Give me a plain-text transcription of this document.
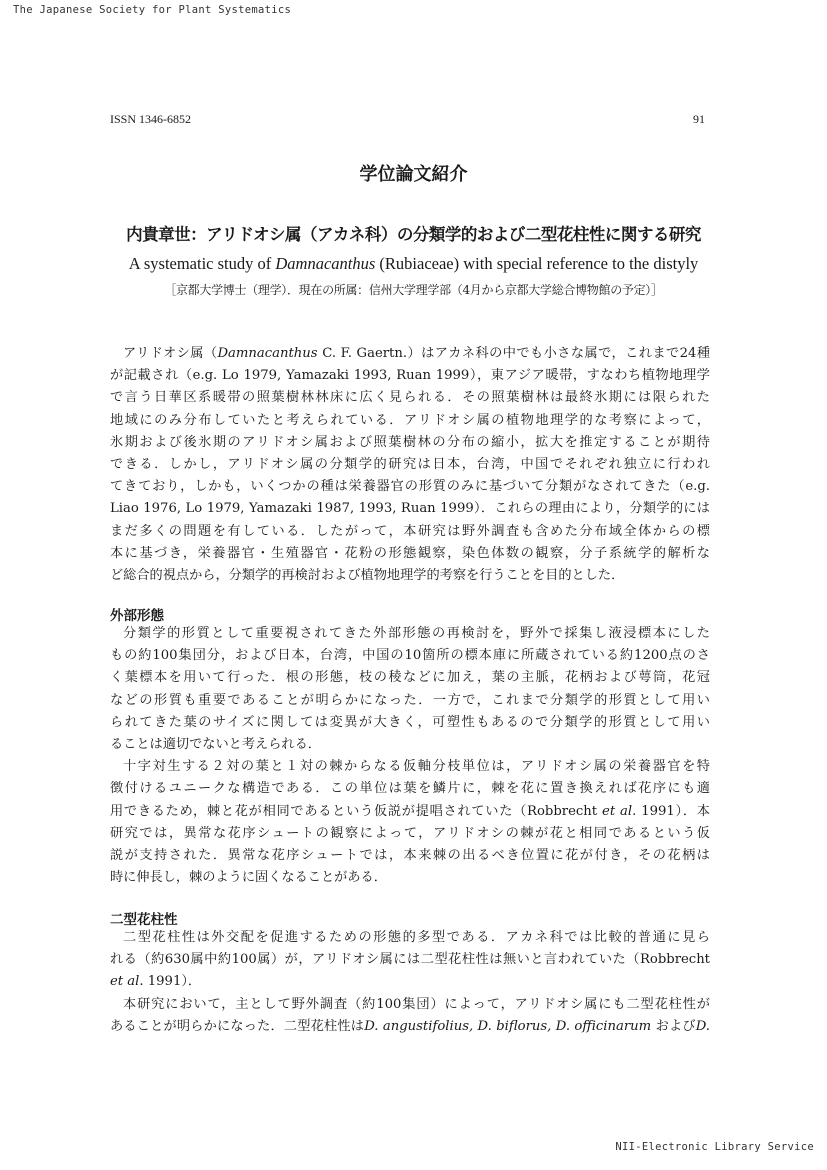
The Japanese Society for Plant Systematics
ISSN 1346-6852	91
学位論文紹介
内貴章世：アリドオシ属（アカネ科）の分類学的および二型花柱性に関する研究
A systematic study of Damnacanthus (Rubiaceae) with special reference to the distyly
［京都大学博士（理学）．現在の所属：信州大学理学部（4月から京都大学総合博物館の予定）］
アリドオシ属（Damnacanthus C. F. Gaertn.）はアカネ科の中でも小さな属で，これまで24種
が記載され（e.g. Lo 1979, Yamazaki 1993, Ruan 1999），東アジア暖帯，すなわち植物地理学
で言う日華区系暖帯の照葉樹林林床に広く見られる．その照葉樹林は最終氷期には限られた
地域にのみ分布していたと考えられている．アリドオシ属の植物地理学的な考察によって，
氷期および後氷期のアリドオシ属および照葉樹林の分布の縮小，拡大を推定することが期待
できる．しかし，アリドオシ属の分類学的研究は日本，台湾，中国でそれぞれ独立に行われ
てきており，しかも，いくつかの種は栄養器官の形質のみに基づいて分類がなされてきた（e.g.
Liao 1976, Lo 1979, Yamazaki 1987, 1993, Ruan 1999）．これらの理由により，分類学的には
まだ多くの問題を有している．したがって，本研究は野外調査も含めた分布域全体からの標
本に基づき，栄養器官・生殖器官・花粉の形態観察，染色体数の観察，分子系統学的解析な
ど総合的視点から，分類学的再検討および植物地理学的考察を行うことを目的とした．
外部形態
分類学的形質として重要視されてきた外部形態の再検討を，野外で採集し液浸標本にした
もの約100集団分，および日本，台湾，中国の10箇所の標本庫に所蔵されている約1200点のさ
く葉標本を用いて行った．根の形態，枝の稜などに加え，葉の主脈，花柄および萼筒，花冠
などの形質も重要であることが明らかになった．一方で，これまで分類学的形質として用い
られてきた葉のサイズに関しては変異が大きく，可塑性もあるので分類学的形質として用い
ることは適切でないと考えられる．
十字対生する２対の葉と１対の棘からなる仮軸分枝単位は，アリドオシ属の栄養器官を特
徴付けるユニークな構造である．この単位は葉を鱗片に，棘を花に置き換えれば花序にも適
用できるため，棘と花が相同であるという仮説が提唱されていた（Robbrecht et al. 1991）．本
研究では，異常な花序シュートの観察によって，アリドオシの棘が花と相同であるという仮
説が支持された．異常な花序シュートでは，本来棘の出るべき位置に花が付き，その花柄は
時に伸長し，棘のように固くなることがある．
二型花柱性
二型花柱性は外交配を促進するための形態的多型である．アカネ科では比較的普通に見ら
れる（約630属中約100属）が，アリドオシ属には二型花柱性は無いと言われていた（Robbrecht
et al. 1991）．
本研究において，主として野外調査（約100集団）によって，アリドオシ属にも二型花柱性が
あることが明らかになった．二型花柱性はD. angustifolius, D. biflorus, D. officinarum およびD.
NII-Electronic Library Service
